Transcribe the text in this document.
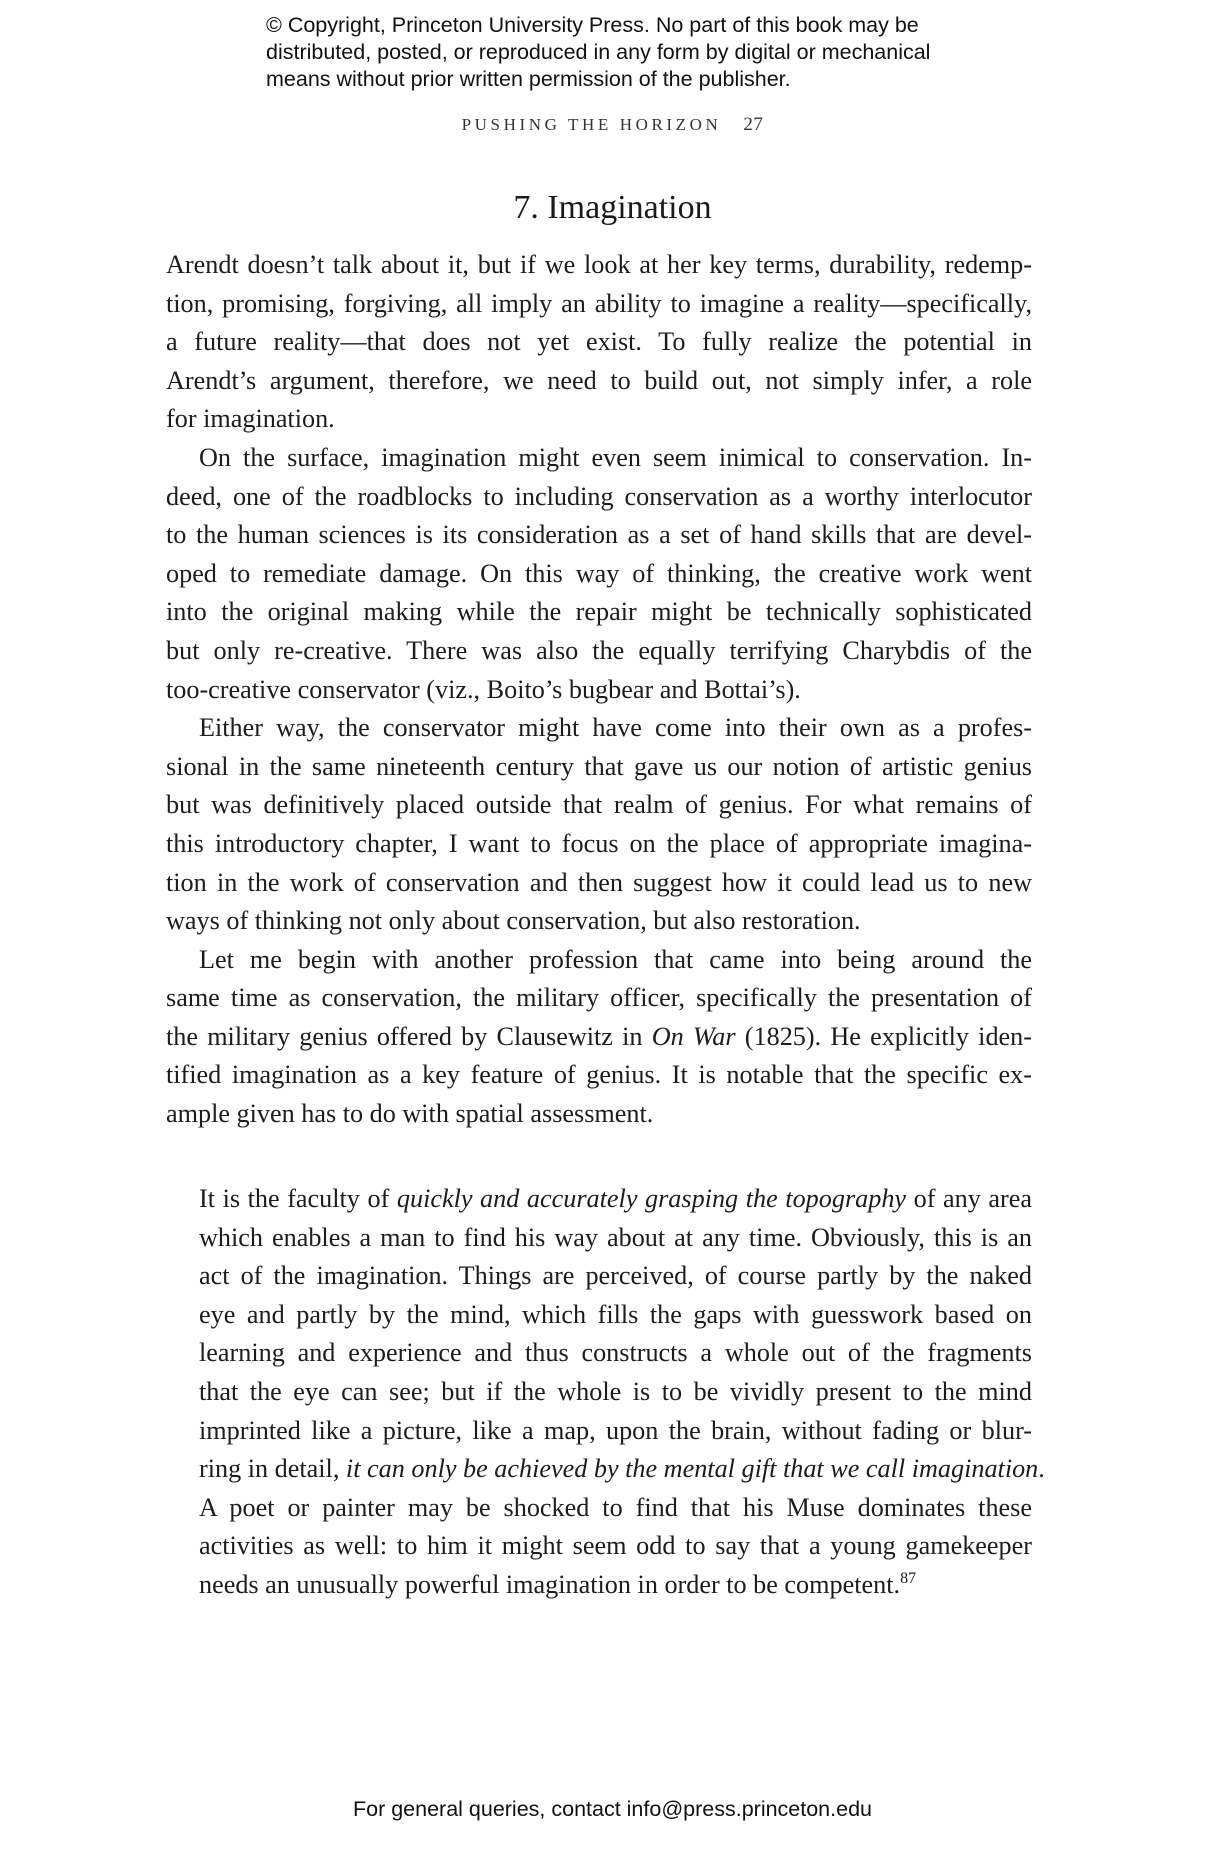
© Copyright, Princeton University Press. No part of this book may be
distributed, posted, or reproduced in any form by digital or mechanical
means without prior written permission of the publisher.
PUSHING THE HORIZON 27
7. Imagination
Arendt doesn’t talk about it, but if we look at her key terms, durability, redemp-
tion, promising, forgiving, all imply an ability to imagine a reality—specifically,
a future reality—that does not yet exist. To fully realize the potential in
Arendt’s argument, therefore, we need to build out, not simply infer, a role
for imagination.
On the surface, imagination might even seem inimical to conservation. In-
deed, one of the roadblocks to including conservation as a worthy interlocutor
to the human sciences is its consideration as a set of hand skills that are devel-
oped to remediate damage. On this way of thinking, the creative work went
into the original making while the repair might be technically sophisticated
but only re-creative. There was also the equally terrifying Charybdis of the
too-creative conservator (viz., Boito’s bugbear and Bottai’s).
Either way, the conservator might have come into their own as a profes-
sional in the same nineteenth century that gave us our notion of artistic genius
but was definitively placed outside that realm of genius. For what remains of
this introductory chapter, I want to focus on the place of appropriate imagina-
tion in the work of conservation and then suggest how it could lead us to new
ways of thinking not only about conservation, but also restoration.
Let me begin with another profession that came into being around the
same time as conservation, the military officer, specifically the presentation of
the military genius offered by Clausewitz in On War (1825). He explicitly iden-
tified imagination as a key feature of genius. It is notable that the specific ex-
ample given has to do with spatial assessment.
It is the faculty of quickly and accurately grasping the topography of any area
which enables a man to find his way about at any time. Obviously, this is an
act of the imagination. Things are perceived, of course partly by the naked
eye and partly by the mind, which fills the gaps with guesswork based on
learning and experience and thus constructs a whole out of the fragments
that the eye can see; but if the whole is to be vividly present to the mind
imprinted like a picture, like a map, upon the brain, without fading or blur-
ring in detail, it can only be achieved by the mental gift that we call imagination.
A poet or painter may be shocked to find that his Muse dominates these
activities as well: to him it might seem odd to say that a young gamekeeper
needs an unusually powerful imagination in order to be competent.$^{87}$
For general queries, contact info@press.princeton.edu
